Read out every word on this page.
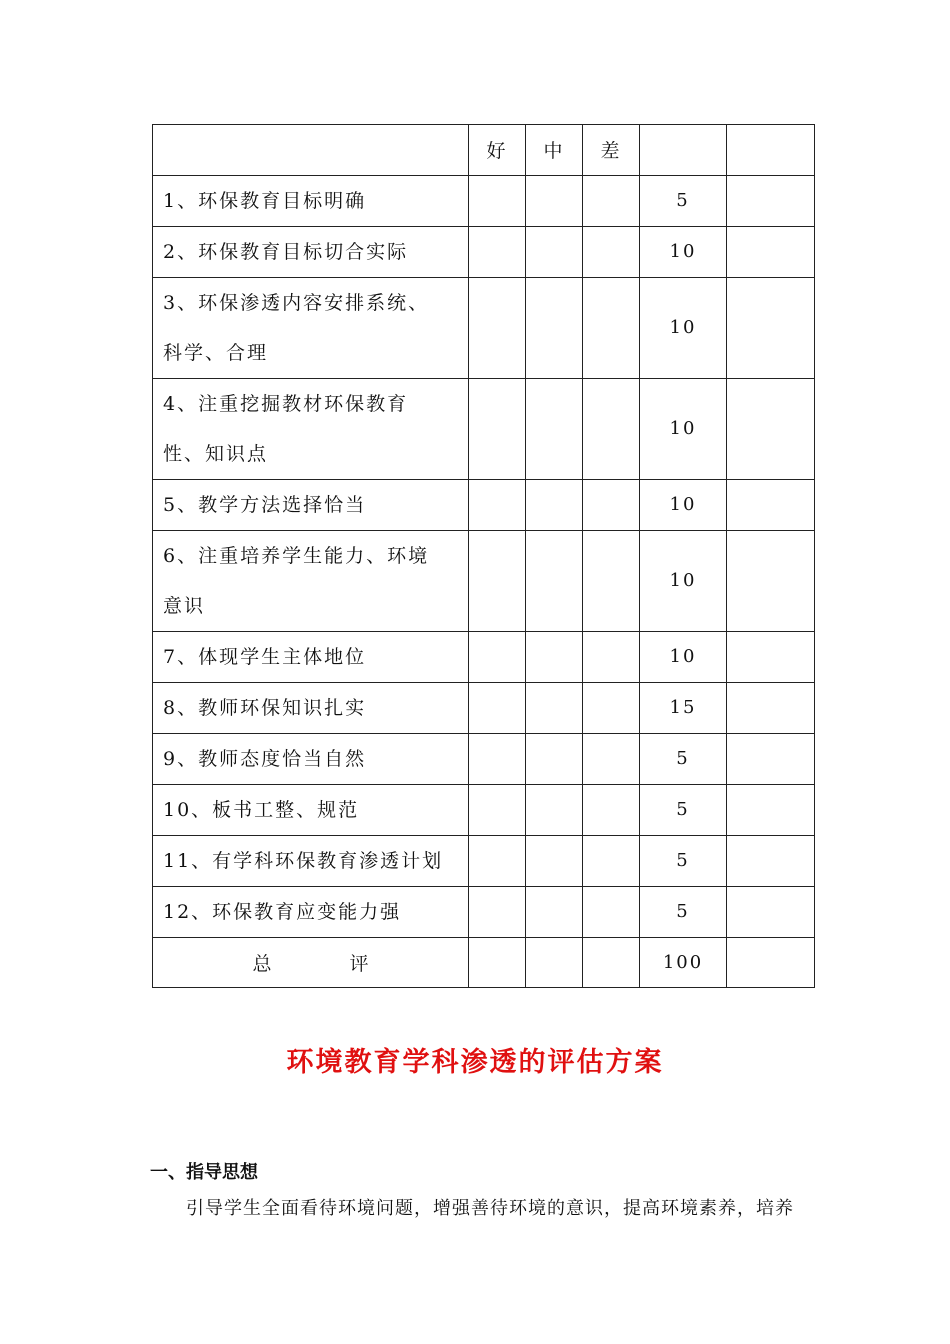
	好	中	差		

1、环保教育目标明确				5	

2、环保教育目标切合实际				10	

3、环保渗透内容安排系统、
科学、合理				10	

4、注重挖掘教材环保教育
性、知识点				10	

5、教学方法选择恰当				10	

6、注重培养学生能力、环境
意识				10	

7、体现学生主体地位				10	

8、教师环保知识扎实				15	

9、教师态度恰当自然				5	

10、板书工整、规范				5	

11、有学科环保教育渗透计划				5	

12、环保教育应变能力强				5	
总 评				100	
环境教育学科渗透的评估方案
一、指导思想

引导学生全面看待环境问题，增强善待环境的意识，提高环境素养，培养
